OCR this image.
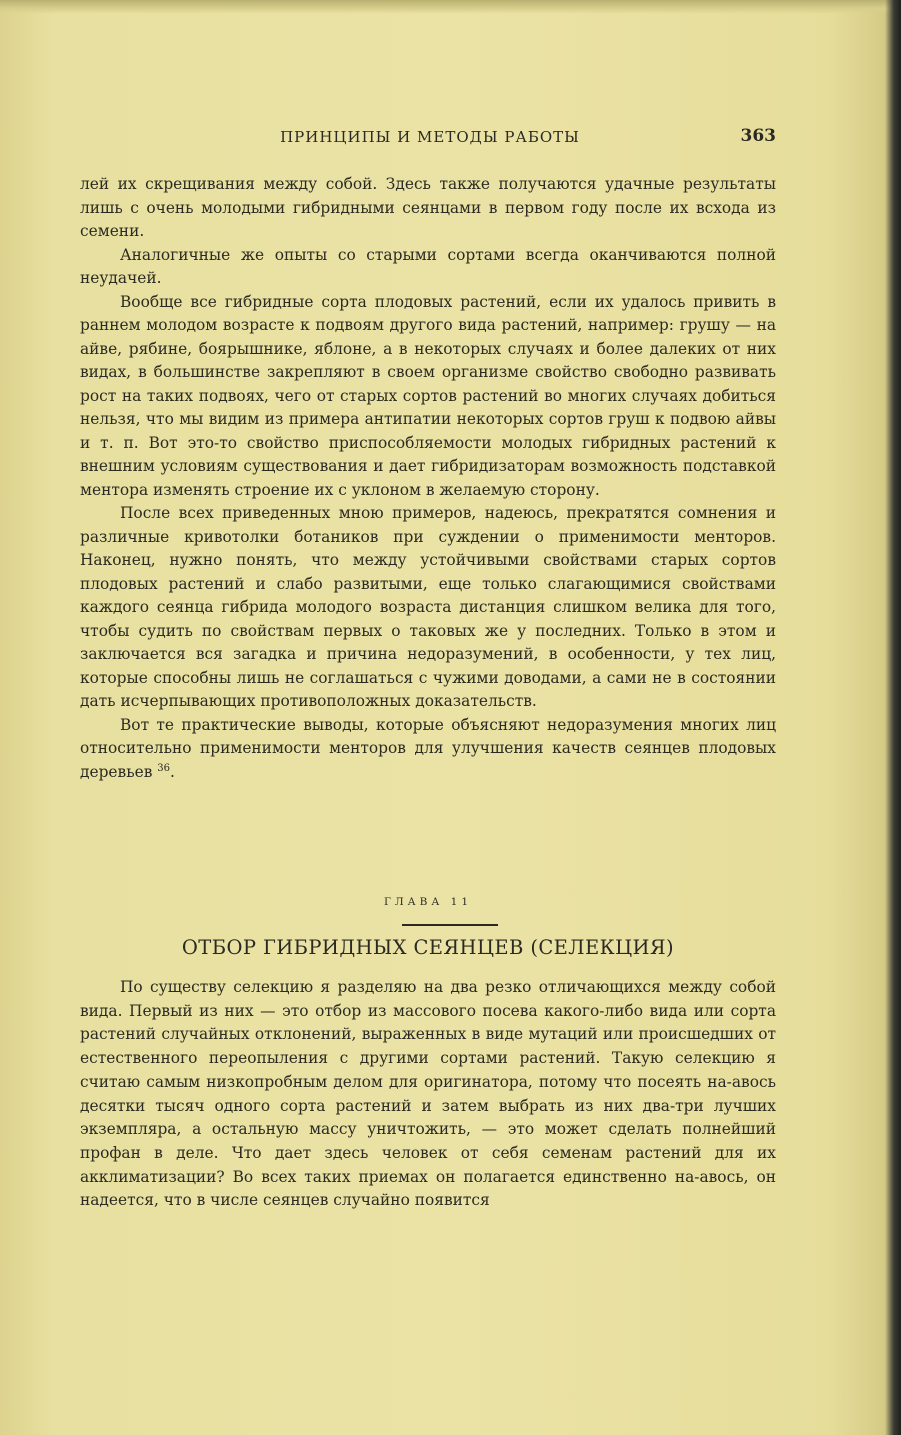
ПРИНЦИПЫ И МЕТОДЫ РАБОТЫ	363

лей их скрещивания между собой. Здесь также получаются удачные результаты лишь с очень молодыми гибридными сеянцами в первом году после их всхода из семени.

Аналогичные же опыты со старыми сортами всегда оканчиваются полной неудачей.

Вообще все гибридные сорта плодовых растений, если их удалось привить в раннем молодом возрасте к подвоям другого вида растений, например: грушу — на айве, рябине, боярышнике, яблоне, а в некоторых случаях и более далеких от них видах, в большинстве закрепляют в своем организме свойство свободно развивать рост на таких подвоях, чего от старых сортов растений во многих случаях добиться нельзя, что мы видим из примера антипатии некоторых сортов груш к подвою айвы и т. п. Вот это-то свойство приспособляемости молодых гибридных растений к внешним условиям существования и дает гибридизаторам возможность подставкой ментора изменять строение их с уклоном в желаемую сторону.

После всех приведенных мною примеров, надеюсь, прекратятся сомнения и различные кривотолки ботаников при суждении о применимости менторов. Наконец, нужно понять, что между устойчивыми свойствами старых сортов плодовых растений и слабо развитыми, еще только слагающимися свойствами каждого сеянца гибрида молодого возраста дистанция слишком велика для того, чтобы судить по свойствам первых о таковых же у последних. Только в этом и заключается вся загадка и причина недоразумений, в особенности, у тех лиц, которые способны лишь не соглашаться с чужими доводами, а сами не в состоянии дать исчерпывающих противоположных доказательств.

Вот те практические выводы, которые объясняют недоразумения многих лиц относительно применимости менторов для улучшения качеств сеянцев плодовых деревьев $^{36}$.

ГЛАВА 11
ОТБОР ГИБРИДНЫХ СЕЯНЦЕВ (СЕЛЕКЦИЯ)

По существу селекцию я разделяю на два резко отличающихся между собой вида. Первый из них — это отбор из массового посева какого-либо вида или сорта растений случайных отклонений, выраженных в виде мутаций или происшедших от естественного переопыления с другими сортами растений. Такую селекцию я считаю самым низкопробным делом для оригинатора, потому что посеять на-авось десятки тысяч одного сорта растений и затем выбрать из них два-три лучших экземпляра, а остальную массу уничтожить, — это может сделать полнейший профан в деле. Что дает здесь человек от себя семенам растений для их акклиматизации? Во всех таких приемах он полагается единственно на-авось, он надеется, что в числе сеянцев случайно появится
